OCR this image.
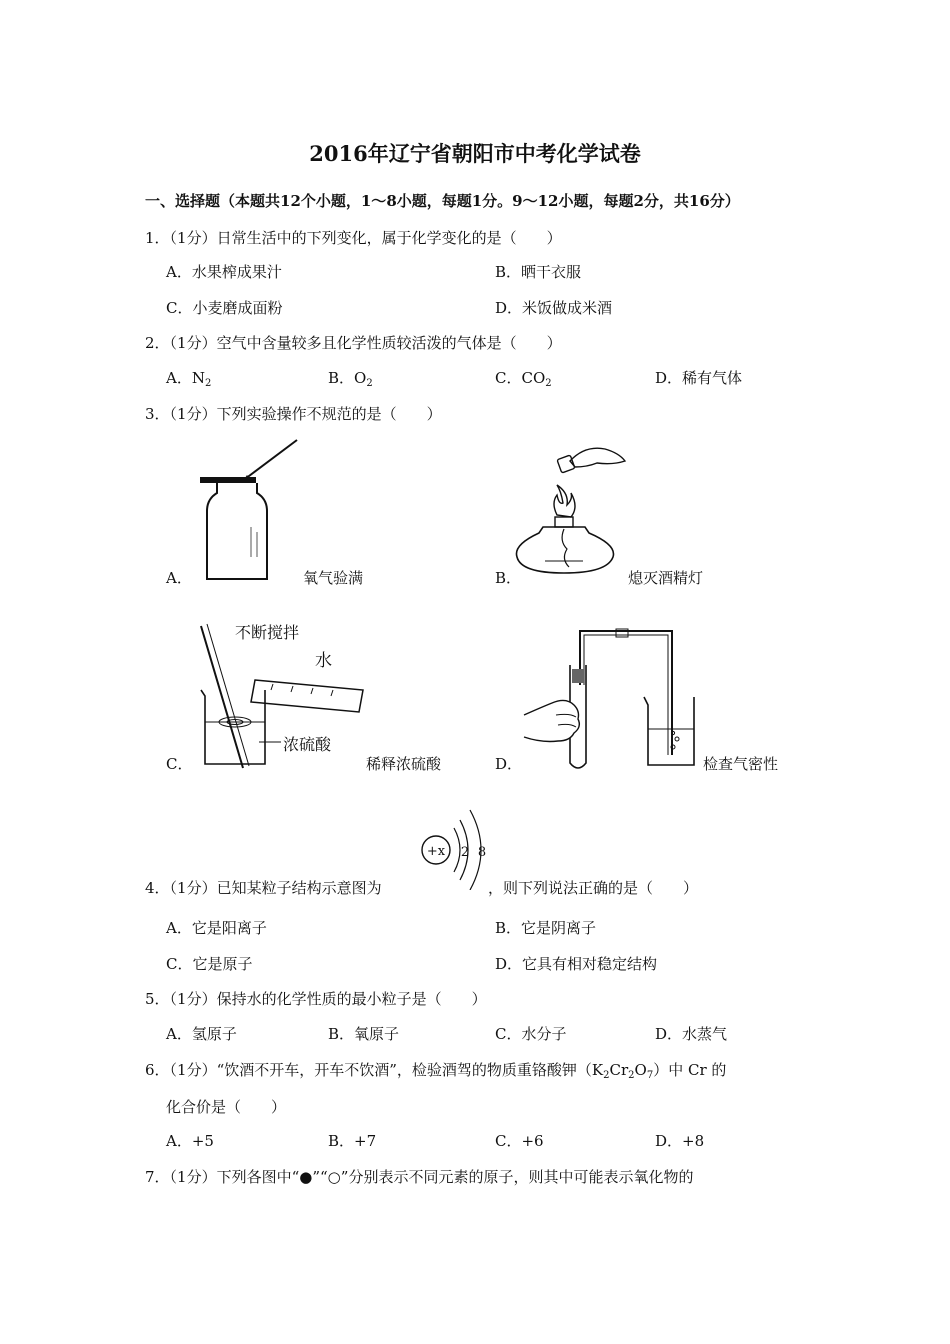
2016年辽宁省朝阳市中考化学试卷
一、选择题（本题共12个小题，1～8小题，每题1分。9～12小题，每题2分，共16分）
1．（1分）日常生活中的下列变化，属于化学变化的是（　　）
A．水果榨成果汁	B．晒干衣服
C．小麦磨成面粉	D．米饭做成米酒
2．（1分）空气中含量较多且化学性质较活泼的气体是（　　）
A．$N_2$	B．$O_2$	C．$CO_2$	D．稀有气体
3．（1分）下列实验操作不规范的是（　　）
A．	氧气验满	B．	熄灭酒精灯
不断搅拌
水
浓硫酸
C．	稀释浓硫酸	D．	检查气密性
+x 2 8
4．（1分）已知某粒子结构示意图为	，则下列说法正确的是（　　）
A．它是阳离子	B．它是阴离子
C．它是原子	D．它具有相对稳定结构
5．（1分）保持水的化学性质的最小粒子是（　　）
A．氢原子	B．氧原子	C．水分子	D．水蒸气
6．（1分）“饮酒不开车，开车不饮酒”，检验酒驾的物质重铬酸钾$(K_2Cr_2O_7)$中 Cr 的
化合价是（　　）
A．+5	B．+7	C．+6	D．+8
7．（1分）下列各图中“●”“○”分别表示不同元素的原子，则其中可能表示氧化物的
